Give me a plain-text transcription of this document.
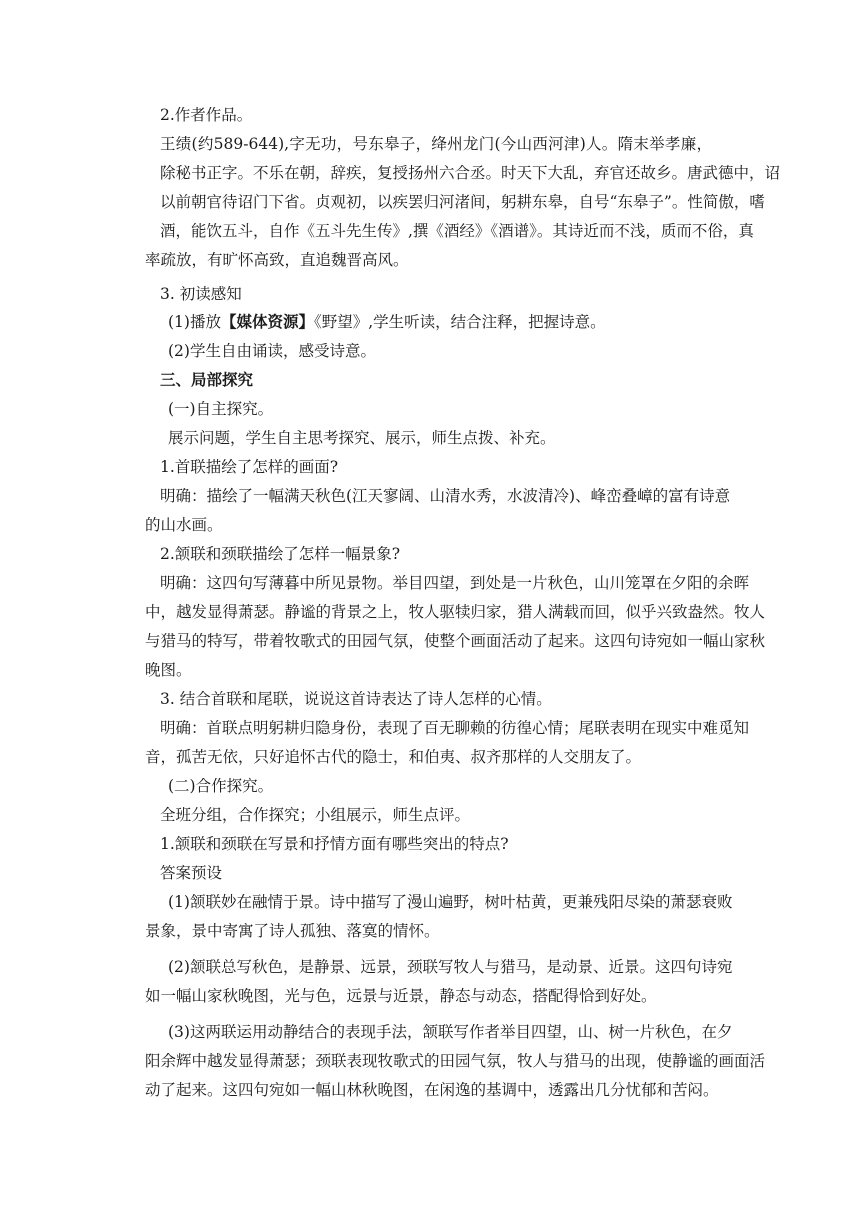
2.作者作品。
王绩(约589-644),字无功，号东皋子，绛州龙门(今山西河津)人。隋末举孝廉，
除秘书正字。不乐在朝，辞疾，复授扬州六合丞。时天下大乱，弃官还故乡。唐武德中，诏
以前朝官待诏门下省。贞观初，以疾罢归河渚间，躬耕东皋，自号“东皋子”。性简傲，嗜
酒，能饮五斗，自作《五斗先生传》,撰《酒经》《酒谱》。其诗近而不浅，质而不俗，真
率疏放，有旷怀高致，直追魏晋高风。
3. 初读感知
(1)播放【媒体资源】《野望》,学生听读，结合注释，把握诗意。
(2)学生自由诵读，感受诗意。
三、局部探究
(一)自主探究。
展示问题，学生自主思考探究、展示，师生点拨、补充。
1.首联描绘了怎样的画面?
明确：描绘了一幅满天秋色(江天寥阔、山清水秀，水波清冷)、峰峦叠嶂的富有诗意
的山水画。
2.颔联和颈联描绘了怎样一幅景象?
明确：这四句写薄暮中所见景物。举目四望，到处是一片秋色，山川笼罩在夕阳的余晖
中，越发显得萧瑟。静谧的背景之上，牧人驱犊归家，猎人满载而回，似乎兴致盎然。牧人
与猎马的特写，带着牧歌式的田园气氛，使整个画面活动了起来。这四句诗宛如一幅山家秋
晚图。
3. 结合首联和尾联，说说这首诗表达了诗人怎样的心情。
明确：首联点明躬耕归隐身份，表现了百无聊赖的彷徨心情；尾联表明在现实中难觅知
音，孤苦无依，只好追怀古代的隐士，和伯夷、叔齐那样的人交朋友了。
(二)合作探究。
全班分组，合作探究；小组展示，师生点评。
1.颔联和颈联在写景和抒情方面有哪些突出的特点?
答案预设
(1)颔联妙在融情于景。诗中描写了漫山遍野，树叶枯黄，更兼残阳尽染的萧瑟衰败
景象，景中寄寓了诗人孤独、落寞的情怀。
(2)颔联总写秋色，是静景、远景，颈联写牧人与猎马，是动景、近景。这四句诗宛
如一幅山家秋晚图，光与色，远景与近景，静态与动态，搭配得恰到好处。
(3)这两联运用动静结合的表现手法，颔联写作者举目四望，山、树一片秋色，在夕
阳余辉中越发显得萧瑟；颈联表现牧歌式的田园气氛，牧人与猎马的出现，使静谧的画面活
动了起来。这四句宛如一幅山林秋晚图，在闲逸的基调中，透露出几分忧郁和苦闷。
